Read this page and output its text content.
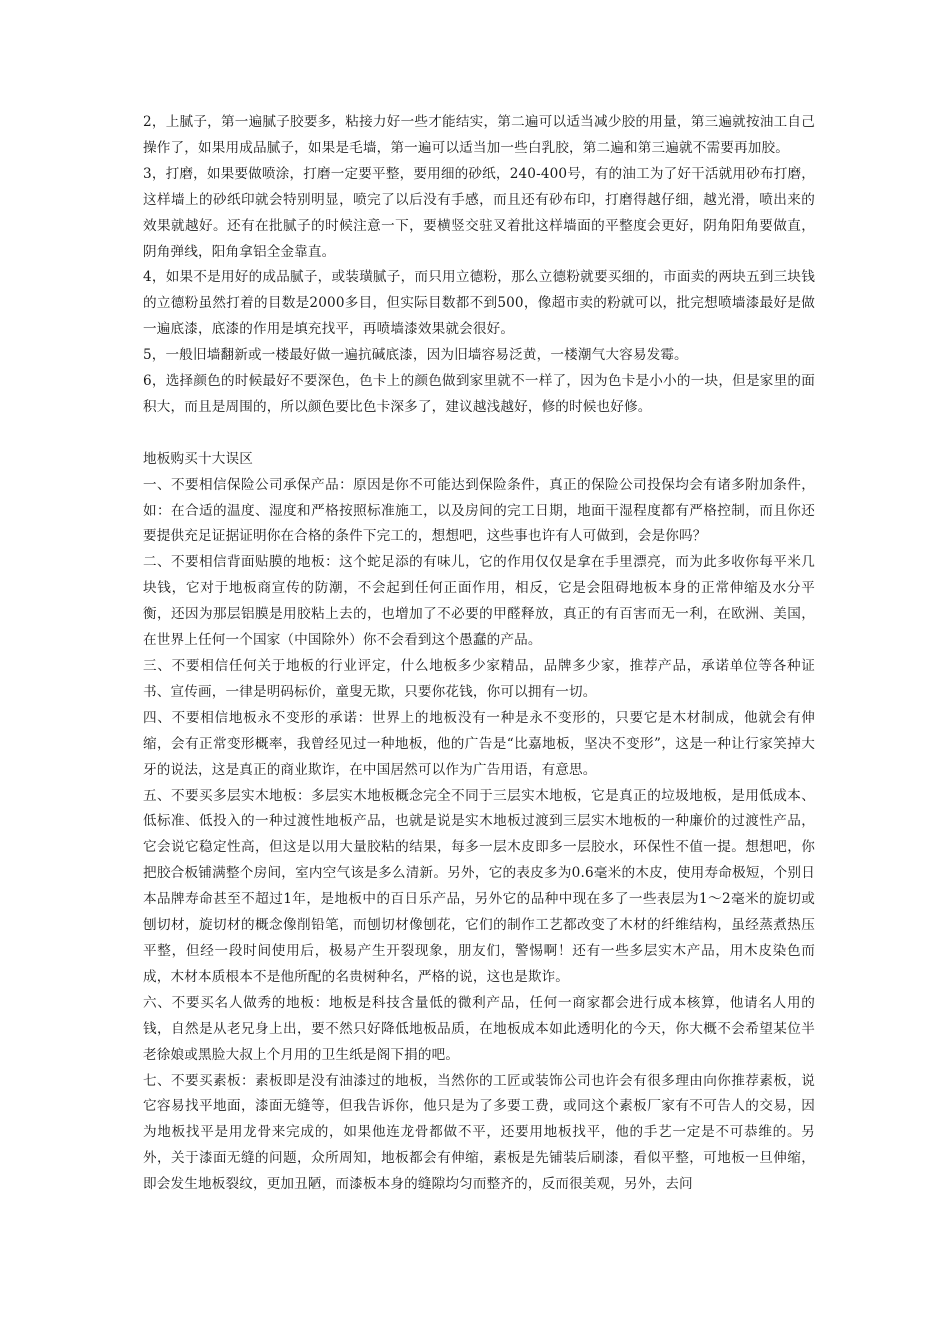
2，上腻子，第一遍腻子胶要多，粘接力好一些才能结实，第二遍可以适当减少胶的用量，第三遍就按油工自己操作了，如果用成品腻子，如果是毛墙，第一遍可以适当加一些白乳胶，第二遍和第三遍就不需要再加胶。

3，打磨，如果要做喷涂，打磨一定要平整，要用细的砂纸，240-400号，有的油工为了好干活就用砂布打磨，这样墙上的砂纸印就会特别明显，喷完了以后没有手感，而且还有砂布印，打磨得越仔细，越光滑，喷出来的效果就越好。还有在批腻子的时候注意一下，要横竖交驻叉着批这样墙面的平整度会更好，阴角阳角要做直，阴角弹线，阳角拿铝全金靠直。

4，如果不是用好的成品腻子，或装璜腻子，而只用立德粉，那么立德粉就要买细的，市面卖的两块五到三块钱的立德粉虽然打着的目数是2000多目，但实际目数都不到500，像超市卖的粉就可以，批完想喷墙漆最好是做一遍底漆，底漆的作用是填充找平，再喷墙漆效果就会很好。

5，一般旧墙翻新或一楼最好做一遍抗碱底漆，因为旧墙容易泛黄，一楼潮气大容易发霉。

6，选择颜色的时候最好不要深色，色卡上的颜色做到家里就不一样了，因为色卡是小小的一块，但是家里的面积大，而且是周围的，所以颜色要比色卡深多了，建议越浅越好，修的时候也好修。

地板购买十大误区

一、不要相信保险公司承保产品：原因是你不可能达到保险条件，真正的保险公司投保均会有诸多附加条件，如：在合适的温度、湿度和严格按照标准施工，以及房间的完工日期，地面干湿程度都有严格控制，而且你还要提供充足证据证明你在合格的条件下完工的，想想吧，这些事也许有人可做到，会是你吗？

二、不要相信背面贴膜的地板：这个蛇足添的有味儿，它的作用仅仅是拿在手里漂亮，而为此多收你每平米几块钱，它对于地板商宣传的防潮，不会起到任何正面作用，相反，它是会阻碍地板本身的正常伸缩及水分平衡，还因为那层铝膜是用胶粘上去的，也增加了不必要的甲醛释放，真正的有百害而无一利，在欧洲、美国，在世界上任何一个国家（中国除外）你不会看到这个愚蠢的产品。

三、不要相信任何关于地板的行业评定，什么地板多少家精品，品牌多少家，推荐产品，承诺单位等各种证书、宣传画，一律是明码标价，童叟无欺，只要你花钱，你可以拥有一切。

四、不要相信地板永不变形的承诺：世界上的地板没有一种是永不变形的，只要它是木材制成，他就会有伸缩，会有正常变形概率，我曾经见过一种地板，他的广告是“比嘉地板，坚决不变形”，这是一种让行家笑掉大牙的说法，这是真正的商业欺诈，在中国居然可以作为广告用语，有意思。

五、不要买多层实木地板：多层实木地板概念完全不同于三层实木地板，它是真正的垃圾地板，是用低成本、低标准、低投入的一种过渡性地板产品，也就是说是实木地板过渡到三层实木地板的一种廉价的过渡性产品，它会说它稳定性高，但这是以用大量胶粘的结果，每多一层木皮即多一层胶水，环保性不值一提。想想吧，你把胶合板铺满整个房间，室内空气该是多么清新。另外，它的表皮多为0.6毫米的木皮，使用寿命极短，个别日本品牌寿命甚至不超过1年，是地板中的百日乐产品，另外它的品种中现在多了一些表层为1～2毫米的旋切或刨切材，旋切材的概念像削铅笔，而刨切材像刨花，它们的制作工艺都改变了木材的纤维结构，虽经蒸煮热压平整，但经一段时间使用后，极易产生开裂现象，朋友们，警惕啊！还有一些多层实木产品，用木皮染色而成，木材本质根本不是他所配的名贵树种名，严格的说，这也是欺诈。

六、不要买名人做秀的地板：地板是科技含量低的微利产品，任何一商家都会进行成本核算，他请名人用的钱，自然是从老兄身上出，要不然只好降低地板品质，在地板成本如此透明化的今天，你大概不会希望某位半老徐娘或黑脸大叔上个月用的卫生纸是阁下捐的吧。

七、不要买素板：素板即是没有油漆过的地板，当然你的工匠或装饰公司也许会有很多理由向你推荐素板，说它容易找平地面，漆面无缝等，但我告诉你，他只是为了多要工费，或同这个素板厂家有不可告人的交易，因为地板找平是用龙骨来完成的，如果他连龙骨都做不平，还要用地板找平，他的手艺一定是不可恭维的。另外，关于漆面无缝的问题，众所周知，地板都会有伸缩，素板是先铺装后刷漆，看似平整，可地板一旦伸缩，即会发生地板裂纹，更加丑陋，而漆板本身的缝隙均匀而整齐的，反而很美观，另外，去问
